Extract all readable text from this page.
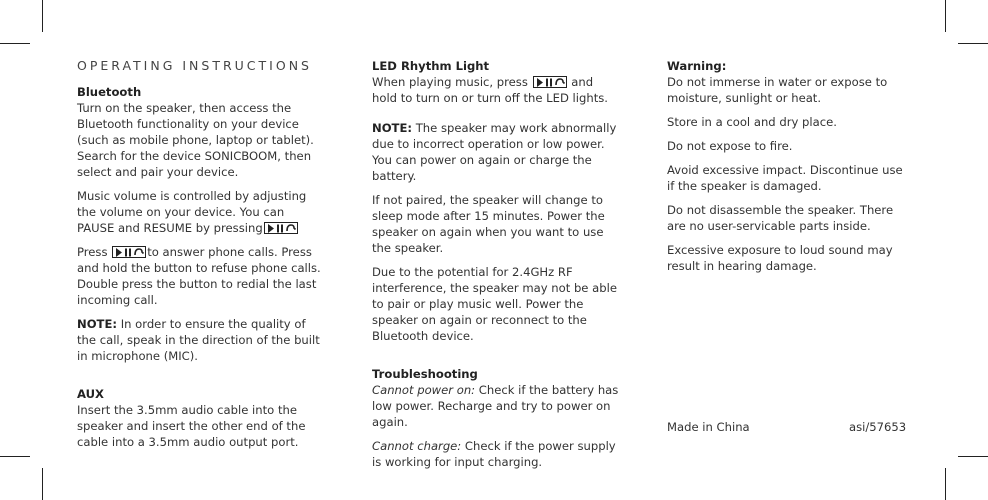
OPERATING INSTRUCTIONS

Bluetooth

Turn on the speaker, then access the Bluetooth functionality on your device (such as mobile phone, laptop or tablet). Search for the device SONICBOOM, then select and pair your device.

Music volume is controlled by adjusting the volume on your device. You can PAUSE and RESUME by pressing

Press	to answer phone calls. Press and hold the button to refuse phone calls. Double press the button to redial the last incoming call.

NOTE: In order to ensure the quality of the call, speak in the direction of the built in microphone (MIC).

AUX

Insert the 3.5mm audio cable into the speaker and insert the other end of the cable into a 3.5mm audio output port.

LED Rhythm Light

When playing music, press	and hold to turn on or turn off the LED lights.

NOTE: The speaker may work abnormally due to incorrect operation or low power. You can power on again or charge the battery.

If not paired, the speaker will change to sleep mode after 15 minutes. Power the speaker on again when you want to use the speaker.

Due to the potential for 2.4GHz RF interference, the speaker may not be able to pair or play music well. Power the speaker on again or reconnect to the Bluetooth device.

Troubleshooting

Cannot power on: Check if the battery has low power. Recharge and try to power on again.

Cannot charge: Check if the power supply is working for input charging.

Warning:

Do not immerse in water or expose to moisture, sunlight or heat.

Store in a cool and dry place.

Do not expose to fire.

Avoid excessive impact. Discontinue use if the speaker is damaged.

Do not disassemble the speaker. There are no user-servicable parts inside.

Excessive exposure to loud sound may result in hearing damage.

Made in China	asi/57653
